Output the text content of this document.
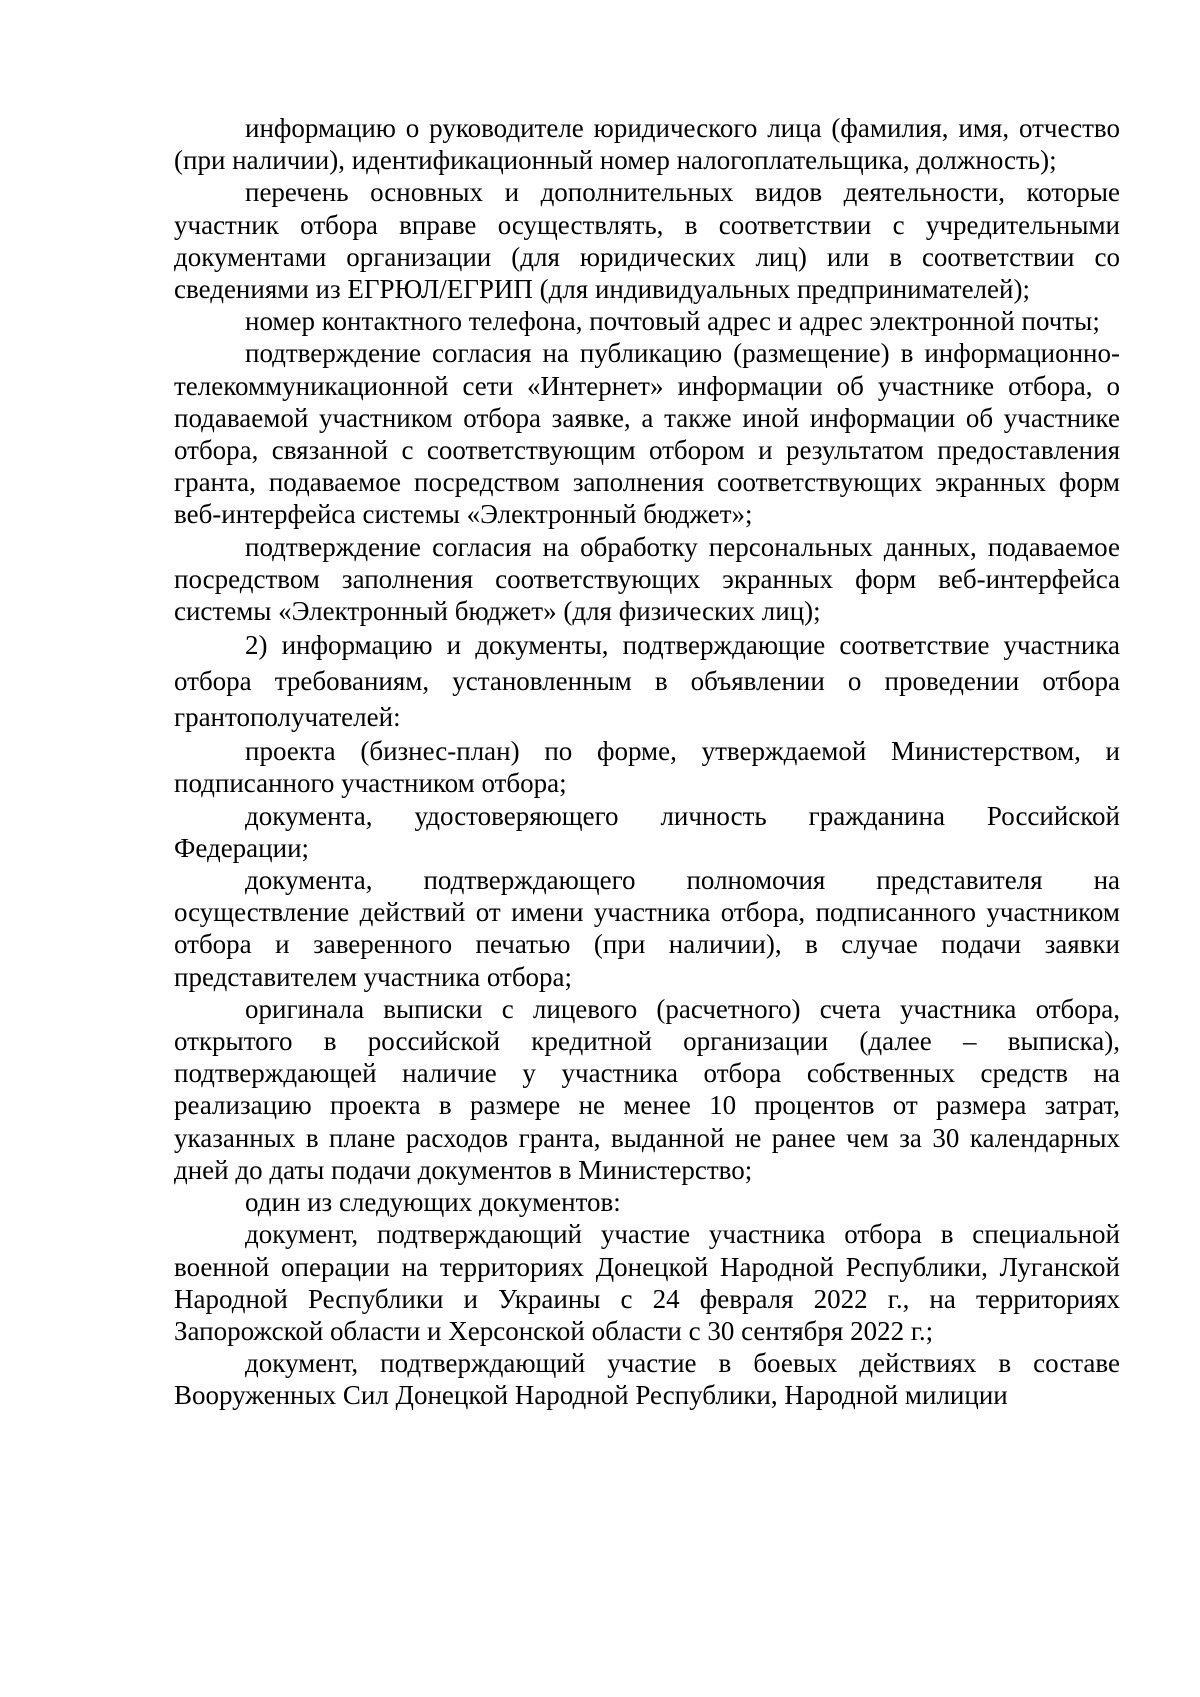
информацию о руководителе юридического лица (фамилия, имя, отчество (при наличии), идентификационный номер налогоплательщика, должность);

перечень основных и дополнительных видов деятельности, которые участник отбора вправе осуществлять, в соответствии с учредительными документами организации (для юридических лиц) или в соответствии со сведениями из ЕГРЮЛ/ЕГРИП (для индивидуальных предпринимателей);

номер контактного телефона, почтовый адрес и адрес электронной почты;

подтверждение согласия на публикацию (размещение) в информационно-телекоммуникационной сети «Интернет» информации об участнике отбора, о подаваемой участником отбора заявке, а также иной информации об участнике отбора, связанной с соответствующим отбором и результатом предоставления гранта, подаваемое посредством заполнения соответствующих экранных форм веб-интерфейса системы «Электронный бюджет»;

подтверждение согласия на обработку персональных данных, подаваемое посредством заполнения соответствующих экранных форм веб-интерфейса системы «Электронный бюджет» (для физических лиц);

2) информацию и документы, подтверждающие соответствие участника отбора требованиям, установленным в объявлении о проведении отбора грантополучателей:

проекта (бизнес-план) по форме, утверждаемой Министерством, и подписанного участником отбора;

документа, удостоверяющего личность гражданина Российской Федерации;

документа, подтверждающего полномочия представителя на осуществление действий от имени участника отбора, подписанного участником отбора и заверенного печатью (при наличии), в случае подачи заявки представителем участника отбора;

оригинала выписки с лицевого (расчетного) счета участника отбора, открытого в российской кредитной организации (далее – выписка), подтверждающей наличие у участника отбора собственных средств на реализацию проекта в размере не менее 10 процентов от размера затрат, указанных в плане расходов гранта, выданной не ранее чем за 30 календарных дней до даты подачи документов в Министерство;

один из следующих документов:

документ, подтверждающий участие участника отбора в специальной военной операции на территориях Донецкой Народной Республики, Луганской Народной Республики и Украины с 24 февраля 2022 г., на территориях Запорожской области и Херсонской области с 30 сентября 2022 г.;

документ, подтверждающий участие в боевых действиях в составе Вооруженных Сил Донецкой Народной Республики, Народной милиции
